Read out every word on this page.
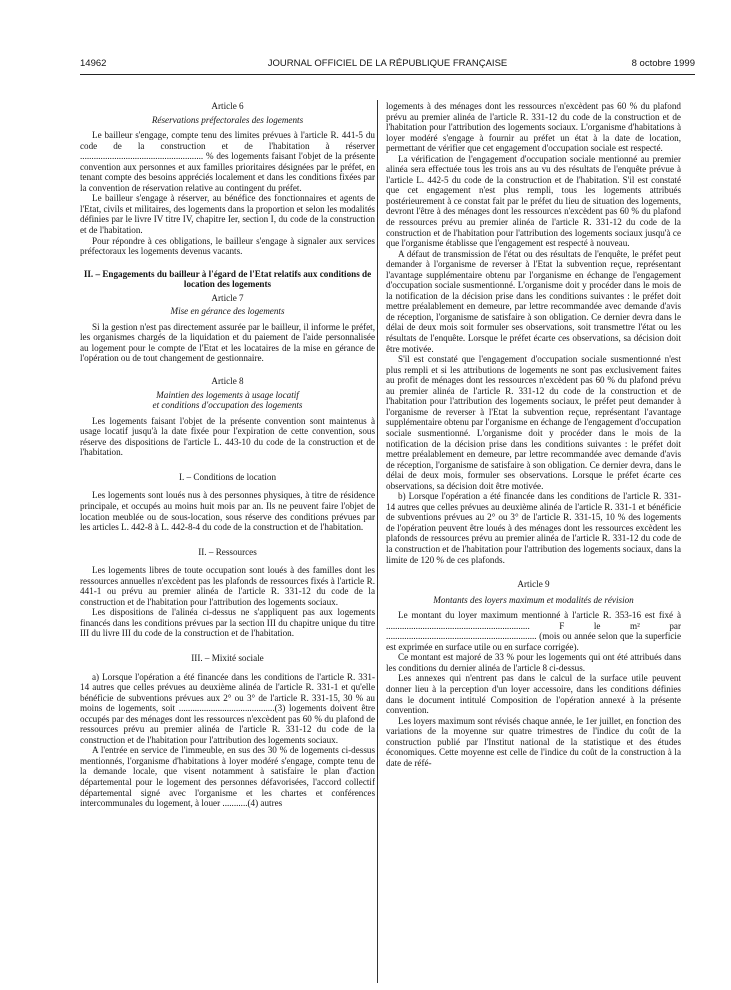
14962	JOURNAL OFFICIEL DE LA RÉPUBLIQUE FRANÇAISE	8 octobre 1999
Article 6
Réservations préfectorales des logements

Le bailleur s'engage, compte tenu des limites prévues à l'article R. 441-5 du code de la construction et de l'habitation à réserver ...................................................... % des logements faisant l'objet de la présente convention aux personnes et aux familles prioritaires désignées par le préfet, en tenant compte des besoins appréciés localement et dans les conditions fixées par la convention de réservation relative au contingent du préfet.

Le bailleur s'engage à réserver, au bénéfice des fonctionnaires et agents de l'Etat, civils et militaires, des logements dans la proportion et selon les modalités définies par le livre IV titre IV, chapitre Ier, section I, du code de la construction et de l'habitation.

Pour répondre à ces obligations, le bailleur s'engage à signaler aux services préfectoraux les logements devenus vacants.

II. – Engagements du bailleur à l'égard de l'Etat relatifs aux conditions de location des logements
Article 7
Mise en gérance des logements

Si la gestion n'est pas directement assurée par le bailleur, il informe le préfet, les organismes chargés de la liquidation et du paiement de l'aide personnalisée au logement pour le compte de l'Etat et les locataires de la mise en gérance de l'opération ou de tout changement de gestionnaire.

Article 8
Maintien des logements à usage locatif
et conditions d'occupation des logements

Les logements faisant l'objet de la présente convention sont maintenus à usage locatif jusqu'à la date fixée pour l'expiration de cette convention, sous réserve des dispositions de l'article L. 443-10 du code de la construction et de l'habitation.

I. – Conditions de location

Les logements sont loués nus à des personnes physiques, à titre de résidence principale, et occupés au moins huit mois par an. Ils ne peuvent faire l'objet de location meublée ou de sous-location, sous réserve des conditions prévues par les articles L. 442-8 à L. 442-8-4 du code de la construction et de l'habitation.

II. – Ressources

Les logements libres de toute occupation sont loués à des familles dont les ressources annuelles n'excèdent pas les plafonds de ressources fixés à l'article R. 441-1 ou prévu au premier alinéa de l'article R. 331-12 du code de la construction et de l'habitation pour l'attribution des logements sociaux.

Les dispositions de l'alinéa ci-dessus ne s'appliquent pas aux logements financés dans les conditions prévues par la section III du chapitre unique du titre III du livre III du code de la construction et de l'habitation.

III. – Mixité sociale

a) Lorsque l'opération a été financée dans les conditions de l'article R. 331-14 autres que celles prévues au deuxième alinéa de l'article R. 331-1 et qu'elle bénéficie de subventions prévues aux 2° ou 3° de l'article R. 331-15, 30 % au moins de logements, soit ..........................................(3) logements doivent être occupés par des ménages dont les ressources n'excèdent pas 60 % du plafond de ressources prévu au premier alinéa de l'article R. 331-12 du code de la construction et de l'habitation pour l'attribution des logements sociaux.

A l'entrée en service de l'immeuble, en sus des 30 % de logements ci-dessus mentionnés, l'organisme d'habitations à loyer modéré s'engage, compte tenu de la demande locale, que visent notamment à satisfaire le plan d'action départemental pour le logement des personnes défavorisées, l'accord collectif départemental signé avec l'organisme et les chartes et conférences intercommunales du logement, à louer ...........(4) autres

logements à des ménages dont les ressources n'excèdent pas 60 % du plafond prévu au premier alinéa de l'article R. 331-12 du code de la construction et de l'habitation pour l'attribution des logements sociaux. L'organisme d'habitations à loyer modéré s'engage à fournir au préfet un état à la date de location, permettant de vérifier que cet engagement d'occupation sociale est respecté.

La vérification de l'engagement d'occupation sociale mentionné au premier alinéa sera effectuée tous les trois ans au vu des résultats de l'enquête prévue à l'article L. 442-5 du code de la construction et de l'habitation. S'il est constaté que cet engagement n'est plus rempli, tous les logements attribués postérieurement à ce constat fait par le préfet du lieu de situation des logements, devront l'être à des ménages dont les ressources n'excèdent pas 60 % du plafond de ressources prévu au premier alinéa de l'article R. 331-12 du code de la construction et de l'habitation pour l'attribution des logements sociaux jusqu'à ce que l'organisme établisse que l'engagement est respecté à nouveau.

A défaut de transmission de l'état ou des résultats de l'enquête, le préfet peut demander à l'organisme de reverser à l'Etat la subvention reçue, représentant l'avantage supplémentaire obtenu par l'organisme en échange de l'engagement d'occupation sociale susmentionné. L'organisme doit y procéder dans le mois de la notification de la décision prise dans les conditions suivantes : le préfet doit mettre préalablement en demeure, par lettre recommandée avec demande d'avis de réception, l'organisme de satisfaire à son obligation. Ce dernier devra dans le délai de deux mois soit formuler ses observations, soit transmettre l'état ou les résultats de l'enquête. Lorsque le préfet écarte ces observations, sa décision doit être motivée.

S'il est constaté que l'engagement d'occupation sociale susmentionné n'est plus rempli et si les attributions de logements ne sont pas exclusivement faites au profit de ménages dont les ressources n'excèdent pas 60 % du plafond prévu au premier alinéa de l'article R. 331-12 du code de la construction et de l'habitation pour l'attribution des logements sociaux, le préfet peut demander à l'organisme de reverser à l'Etat la subvention reçue, représentant l'avantage supplémentaire obtenu par l'organisme en échange de l'engagement d'occupation sociale susmentionné. L'organisme doit y procéder dans le mois de la notification de la décision prise dans les conditions suivantes : le préfet doit mettre préalablement en demeure, par lettre recommandée avec demande d'avis de réception, l'organisme de satisfaire à son obligation. Ce dernier devra, dans le délai de deux mois, formuler ses observations. Lorsque le préfet écarte ces observations, sa décision doit être motivée.

b) Lorsque l'opération a été financée dans les conditions de l'article R. 331-14 autres que celles prévues au deuxième alinéa de l'article R. 331-1 et bénéficie de subventions prévues au 2° ou 3° de l'article R. 331-15, 10 % des logements de l'opération peuvent être loués à des ménages dont les ressources excèdent les plafonds de ressources prévu au premier alinéa de l'article R. 331-12 du code de la construction et de l'habitation pour l'attribution des logements sociaux, dans la limite de 120 % de ces plafonds.

Article 9
Montants des loyers maximum et modalités de révision

Le montant du loyer maximum mentionné à l'article R. 353-16 est fixé à ............................................................... F le m² par .................................................................. (mois ou année selon que la superficie est exprimée en surface utile ou en surface corrigée).

Ce montant est majoré de 33 % pour les logements qui ont été attribués dans les conditions du dernier alinéa de l'article 8 ci-dessus.

Les annexes qui n'entrent pas dans le calcul de la surface utile peuvent donner lieu à la perception d'un loyer accessoire, dans les conditions définies dans le document intitulé Composition de l'opération annexé à la présente convention.

Les loyers maximum sont révisés chaque année, le 1er juillet, en fonction des variations de la moyenne sur quatre trimestres de l'indice du coût de la construction publié par l'Institut national de la statistique et des études économiques. Cette moyenne est celle de l'indice du coût de la construction à la date de réfé-
